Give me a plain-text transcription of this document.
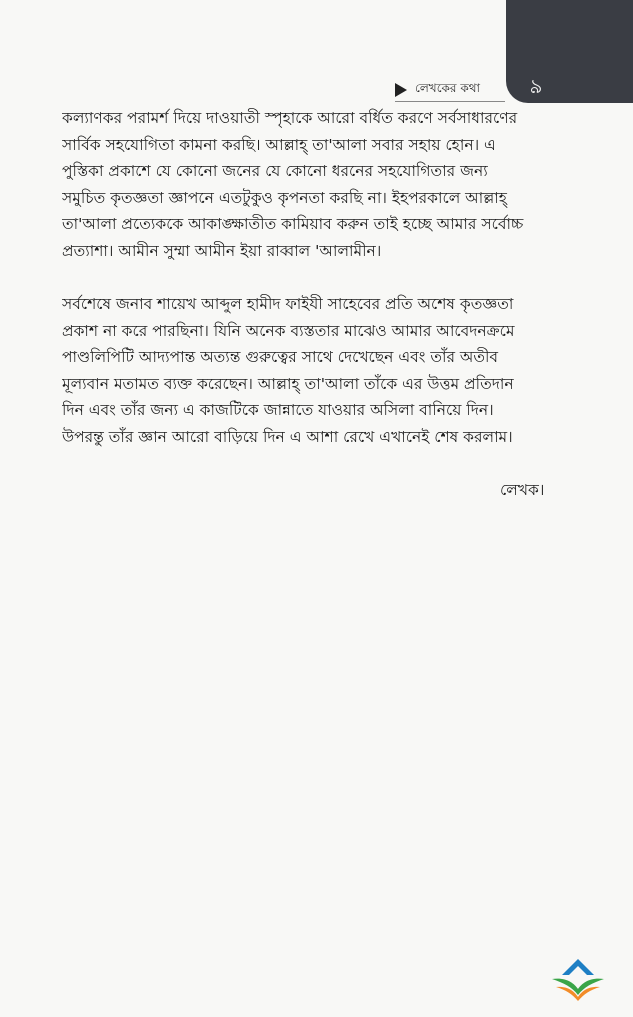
৯
লেখকের কথা
কল্যাণকর পরামর্শ দিয়ে দাওয়াতী স্পৃহাকে আরো বর্ধিত করণে সর্বসাধারণের
সার্বিক সহযোগিতা কামনা করছি। আল্লাহ্ তা'আলা সবার সহায় হোন। এ
পুস্তিকা প্রকাশে যে কোনো জনের যে কোনো ধরনের সহযোগিতার জন্য
সমুচিত কৃতজ্ঞতা জ্ঞাপনে এতটুকুও কৃপনতা করছি না। ইহপরকালে আল্লাহ্
তা'আলা প্রত্যেককে আকাঙ্ক্ষাতীত কামিয়াব করুন তাই হচ্ছে আমার সর্বোচ্চ
প্রত্যাশা। আমীন সুম্মা আমীন ইয়া রাব্বাল 'আলামীন।
সর্বশেষে জনাব শায়েখ আব্দুল হামীদ ফাইযী সাহেবের প্রতি অশেষ কৃতজ্ঞতা
প্রকাশ না করে পারছিনা। যিনি অনেক ব্যস্ততার মাঝেও আমার আবেদনক্রমে
পাণ্ডলিপিটি আদ্যপান্ত অত্যন্ত গুরুত্বের সাথে দেখেছেন এবং তাঁর অতীব
মূল্যবান মতামত ব্যক্ত করেছেন। আল্লাহ্ তা'আলা তাঁকে এর উত্তম প্রতিদান
দিন এবং তাঁর জন্য এ কাজটিকে জান্নাতে যাওয়ার অসিলা বানিয়ে দিন।
উপরন্তু তাঁর জ্ঞান আরো বাড়িয়ে দিন এ আশা রেখে এখানেই শেষ করলাম।
লেখক।
